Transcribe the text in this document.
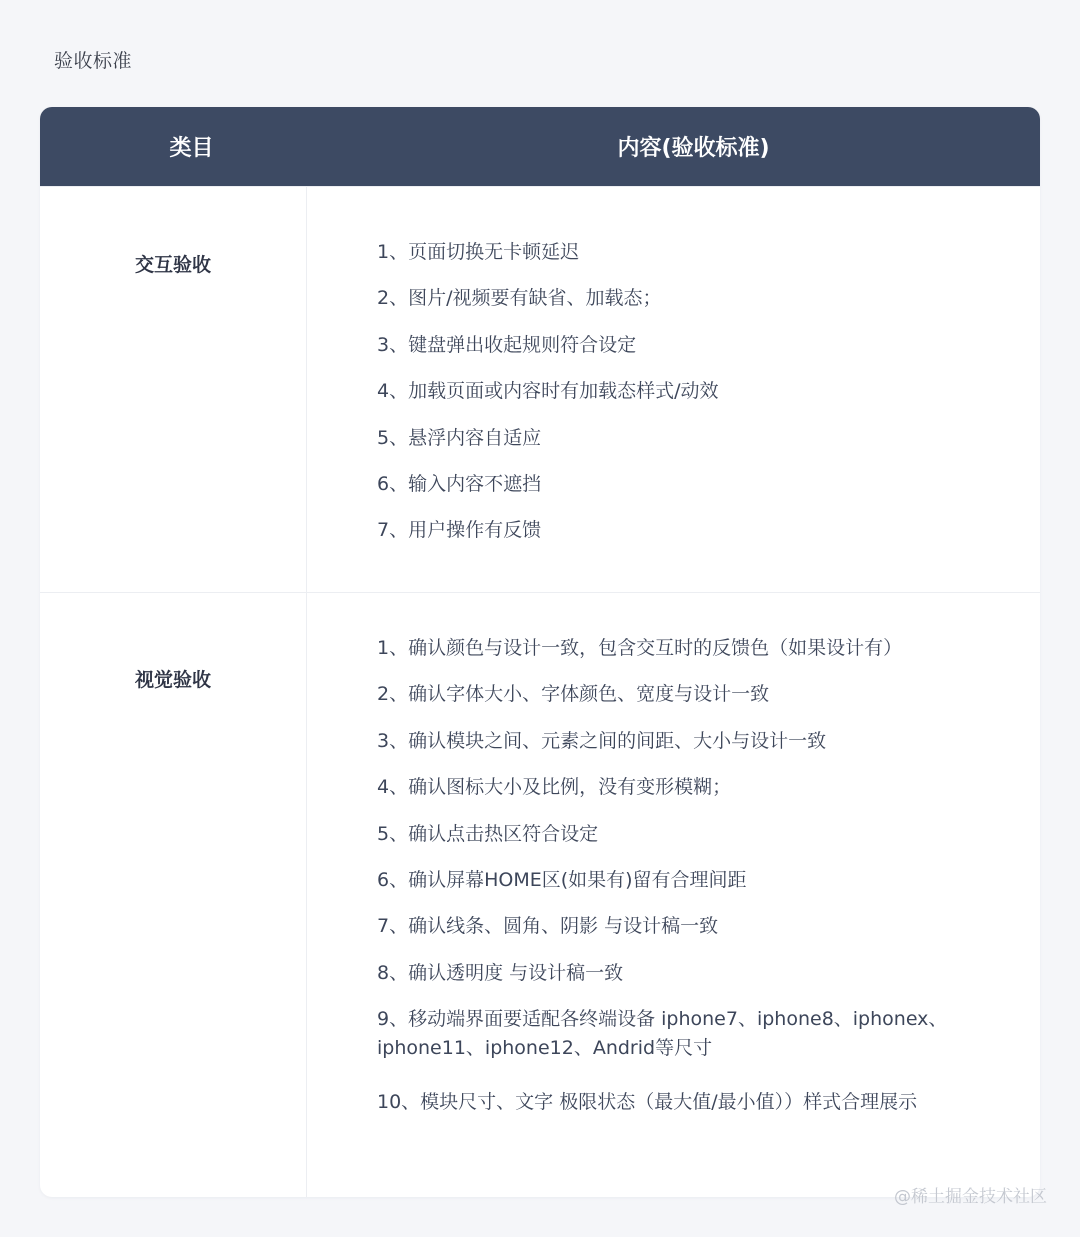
验收标准
类目	内容(验收标准)
交互验收
1、页面切换无卡顿延迟
2、图片/视频要有缺省、加载态；
3、键盘弹出收起规则符合设定
4、加载页面或内容时有加载态样式/动效
5、悬浮内容自适应
6、输入内容不遮挡
7、用户操作有反馈
视觉验收
1、确认颜色与设计一致，包含交互时的反馈色（如果设计有）
2、确认字体大小、字体颜色、宽度与设计一致
3、确认模块之间、元素之间的间距、大小与设计一致
4、确认图标大小及比例，没有变形模糊；
5、确认点击热区符合设定
6、确认屏幕HOME区(如果有)留有合理间距
7、确认线条、圆角、阴影 与设计稿一致
8、确认透明度 与设计稿一致
9、移动端界面要适配各终端设备 iphone7、iphone8、iphonex、iphone11、iphone12、Andrid等尺寸
10、模块尺寸、文字 极限状态（最大值/最小值））样式合理展示
@稀土掘金技术社区
